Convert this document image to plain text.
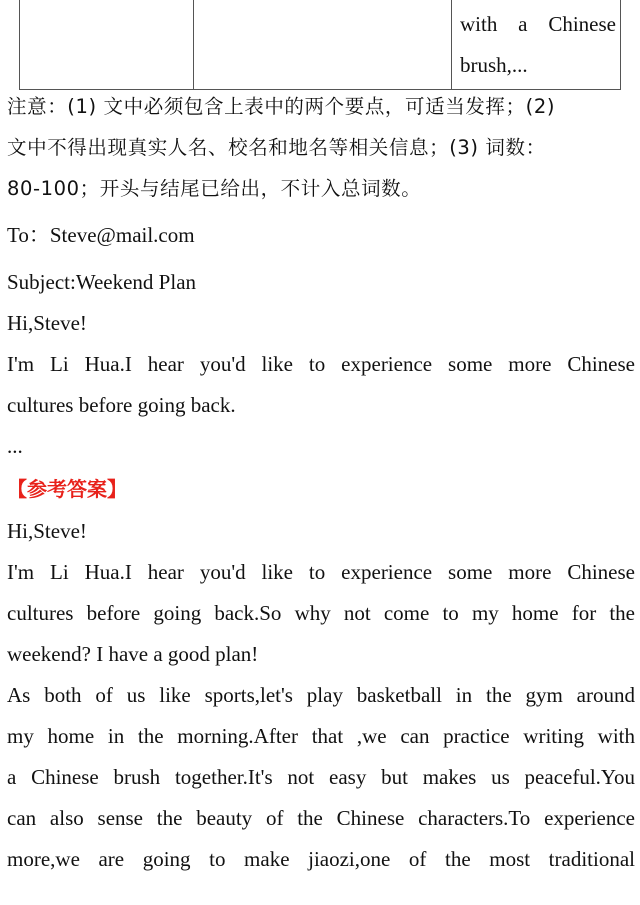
with a Chinese
brush,...

注意：(1) 文中必须包含上表中的两个要点，可适当发挥；(2)

文中不得出现真实人名、校名和地名等相关信息；(3) 词数：

80-100；开头与结尾已给出，不计入总词数。

To：Steve@mail.com

Subject:Weekend Plan

Hi,Steve!

I'm Li Hua.I hear you'd like to experience some more Chinese

cultures before going back.

...

【参考答案】

Hi,Steve!

I'm Li Hua.I hear you'd like to experience some more Chinese

cultures before going back.So why not come to my home for the

weekend? I have a good plan!

As both of us like sports,let's play basketball in the gym around

my home in the morning.After that ,we can practice writing with

a Chinese brush together.It's not easy but makes us peaceful.You

can also sense the beauty of the Chinese characters.To experience

more,we are going to make jiaozi,one of the most traditional
